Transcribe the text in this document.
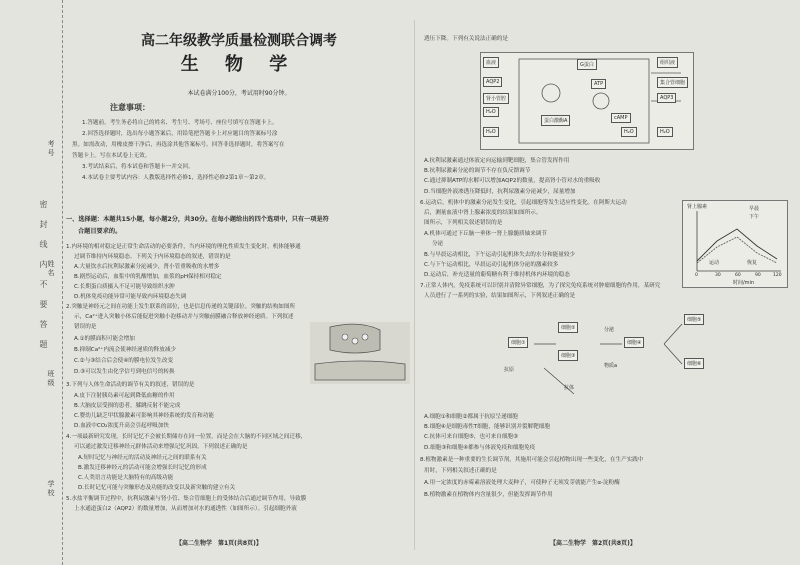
考号
姓名
班级
学校
密封线内不要答题
高二年级教学质量检测联合调考
生 物 学
本试卷满分100分，考试用时90分钟。
注意事项：
1.答题前，考生务必将自己的姓名、考生号、考场号、座位号填写在答题卡上。
2.回答选择题时，选出每小题答案后，用铅笔把答题卡上对应题目的答案标号涂
黑。如需改动，用橡皮擦干净后，再选涂其他答案标号。回答非选择题时，将答案写在
答题卡上。写在本试卷上无效。
3.考试结束后，将本试卷和答题卡一并交回。
4.本试卷主要考试内容：人教版选择性必修1，选择性必修2第1章～第2章。
一、选择题：本题共15小题，每小题2分，共30分。在每小题给出的四个选项中，只有一项是符
合题目要求的。
1.内环境的相对稳定是正常生命活动的必要条件，当内环境的理化性质发生变化时，机体能够通
过调节维持内环境稳态。下列关于内环境稳态的叙述，错误的是
A.大量饮水后抗利尿激素分泌减少，肾小管重吸收的水增多
B.剧烈运动后，血浆中的乳酸增加，血浆的pH保持相对稳定
C.长期蛋白质摄入不足可能导致组织水肿
D.机体免疫功能异常可能导致内环境稳态失调
2.突触是神经元之间在功能上发生联系的部位，也是信息传递的关键部位。突触的结构如图所
示，Ca²⁺进入突触小体后能促进突触小泡移动并与突触前膜融合释放神经递质。下列叙述
错误的是
A.①的膜面积可能会增加
B.抑制Ca²⁺内流会使神经递质的释放减少
C.②与③结合后会使④的膜电位发生改变
D.③可以发生由化学信号到电信号的转换
3.下列与人体生命活动的调节有关的叙述，错误的是
A.皮下注射胰岛素可起到降低血糖的作用
B.大脑皮层受损的患者，膝跳反射不能完成
C.婴幼儿缺乏甲状腺激素可影响其神经系统的发育和功能
D.血液中CO₂浓度升高会引起呼吸加快
4.一项最新研究发现，长时记忆不会被长期储存在同一位置，而是会在大脑的不同区域之间迁移，
可以通过激发迁移神经元群体活动来增强记忆巩固。下列叙述正确的是
A.短时记忆与神经元的活动及神经元之间的联系有关
B.激发迁移神经元的活动可能会增强长时记忆的形成
C.人类语言功能是大脑特有的高级功能
D.长时记忆可能与突触形态及功能的改变以及新突触的建立有关
5.水盐平衡调节过程中，抗利尿激素与肾小管、集合管细胞上的受体结合后通过调节作用，导致膜
上水通道蛋白2（AQP2）的数量增加，从而增加对水的通透性（如图所示）。引起细胞外液
【高二生物学　第1页(共8页)】
透压下降。下列有关说法正确的是
血液	组织液
AQP2
AQP3
ATP
H₂O
H₂O	H₂O
cAMP
G蛋白
蛋白激酶A
H₂O
肾小管腔
集合管细胞
A.抗利尿激素通过体液定向运输到靶细胞，集合管发挥作用
B.抗利尿激素分泌的调节不存在负反馈调节
C.通过抑制ATP的水解可以增加AQP2的数量，提高肾小管对水的重吸收
D.当细胞外液渗透压降低时，抗利尿激素分泌减少，尿量增加
6.运动后，机体中的激素分泌发生变化，引起细胞等发生适应性变化。在阿斯夫运动
后，测量血液中肾上腺素浓度的结果如图所示。
图所示，下列相关叙述错误的是
A.机体可通过下丘脑一垂体一肾上腺髓质轴来调节
分泌
B.与早晨运动相比，下午运动引起机体失去的水分和能量较少
C.与下午运动相比，早晨运动引起机体分泌的激素较多
D.运动后，补充适量的葡萄糖有利于维持机体内环境的稳态
7.正常人体内，免疫系统可以识别并清除异常细胞，为了探究免疫系统对肿瘤细胞的作用，某研究
人员进行了一系列的实验，结果如图所示，下列叙述正确的是
肾上腺素	早晨
下午
运动	恢复
0	30	60	90	120
时间/min
细胞①
细胞②
细胞③
细胞④
细胞⑤
细胞⑥
分泌
抗体
物质a
抗原
A.细胞①和细胞②都属于抗原呈递细胞
B.细胞④是细胞毒性T细胞，能够识别并裂解靶细胞
C.抗体可来自细胞⑤，也可来自细胞③
D.细胞③和细胞④都参与体液免疫和细胞免疫
8.植物激素是一种重要的生长调节剂，其施用可能会引起植物出现一些变化，在生产实践中
用时，下列相关叙述正确的是
A.用一定浓度的赤霉素溶液处理大麦种子，可使种子无须发芽就能产生α-淀粉酶
B.植物激素在植物体内含量很少，但能发挥调节作用
【高二生物学　第2页(共8页)】
